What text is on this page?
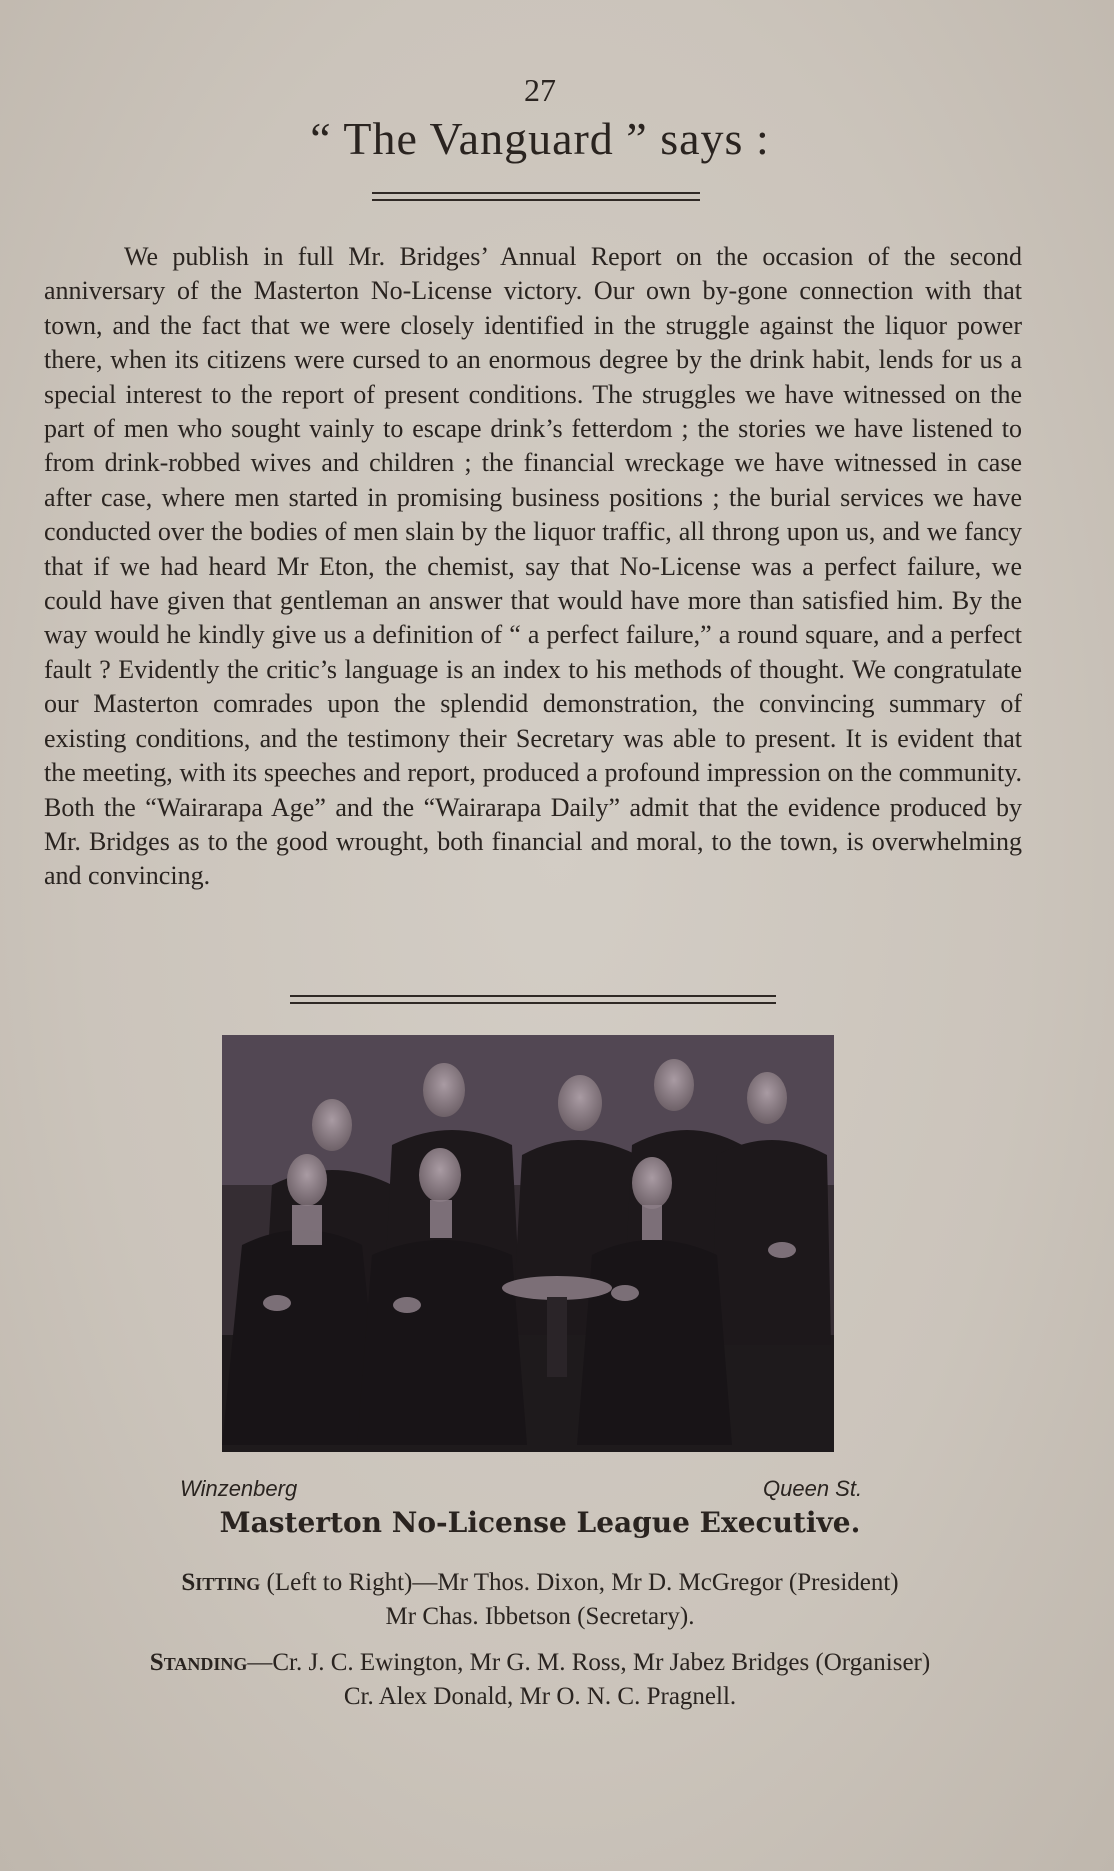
27
“ The Vanguard ” says :
We publish in full Mr. Bridges’ Annual Report on the occasion of the second anniversary of the Masterton No-License victory. Our own by-gone connection with that town, and the fact that we were closely identified in the struggle against the liquor power there, when its citizens were cursed to an enormous degree by the drink habit, lends for us a special interest to the report of present conditions. The struggles we have witnessed on the part of men who sought vainly to escape drink’s fetterdom ; the stories we have listened to from drink-robbed wives and children ; the financial wreckage we have witnessed in case after case, where men started in promising business positions ; the burial services we have conducted over the bodies of men slain by the liquor traffic, all throng upon us, and we fancy that if we had heard Mr Eton, the chemist, say that No-License was a perfect failure, we could have given that gentleman an answer that would have more than satisfied him. By the way would he kindly give us a definition of “ a perfect failure,” a round square, and a perfect fault ? Evidently the critic’s language is an index to his methods of thought. We congratulate our Masterton comrades upon the splendid demonstration, the convincing summary of existing conditions, and the testimony their Secretary was able to present. It is evident that the meeting, with its speeches and report, produced a profound impression on the community. Both the “Wairarapa Age” and the “Wairarapa Daily” admit that the evidence produced by Mr. Bridges as to the good wrought, both financial and moral, to the town, is overwhelming and convincing.
Winzenberg	Queen St.
Masterton No-License League Executive.
Sitting (Left to Right)—Mr Thos. Dixon, Mr D. McGregor (President)
Mr Chas. Ibbetson (Secretary).
Standing—Cr. J. C. Ewington, Mr G. M. Ross, Mr Jabez Bridges (Organiser)
Cr. Alex Donald, Mr O. N. C. Pragnell.
